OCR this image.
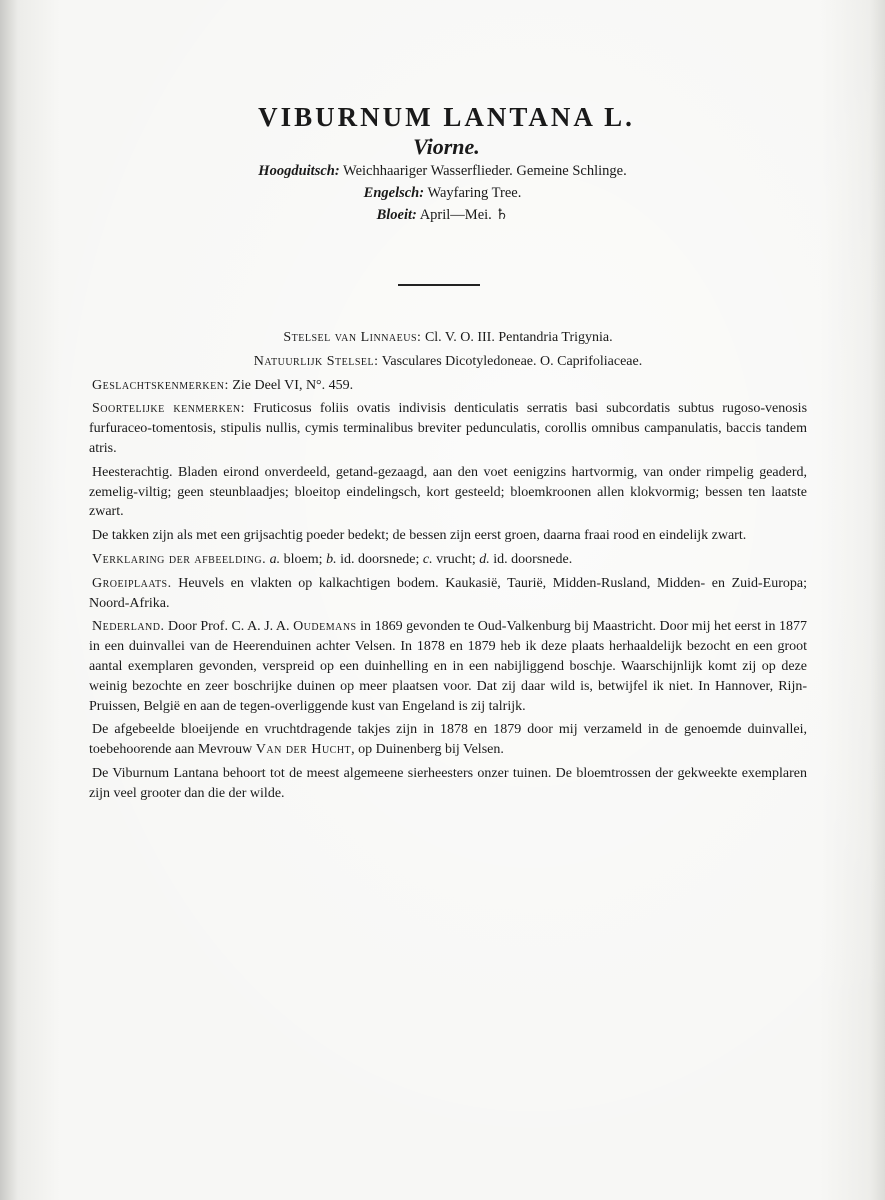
VIBURNUM LANTANA L.

Viorne.

Hoogduitsch: Weichhaariger Wasserflieder. Gemeine Schlinge.

Engelsch: Wayfaring Tree.

Bloeit: April—Mei. ♄

Stelsel van Linnaeus: Cl. V. O. III. Pentandria Trigynia.

Natuurlijk Stelsel: Vasculares Dicotyledoneae. O. Caprifoliaceae.

Geslachtskenmerken: Zie Deel VI, N°. 459.

Soortelijke kenmerken: Fruticosus foliis ovatis indivisis denticulatis serratis basi subcordatis subtus rugoso-venosis furfuraceo-tomentosis, stipulis nullis, cymis terminalibus breviter pedunculatis, corollis omnibus campanulatis, baccis tandem atris.

Heesterachtig. Bladen eirond onverdeeld, getand-gezaagd, aan den voet eenigzins hartvormig, van onder rimpelig geaderd, zemelig-viltig; geen steunblaadjes; bloeitop eindelingsch, kort gesteeld; bloemkroonen allen klokvormig; bessen ten laatste zwart.

De takken zijn als met een grijsachtig poeder bedekt; de bessen zijn eerst groen, daarna fraai rood en eindelijk zwart.

Verklaring der afbeelding. a. bloem; b. id. doorsnede; c. vrucht; d. id. doorsnede.

Groeiplaats. Heuvels en vlakten op kalkachtigen bodem. Kaukasië, Taurië, Midden-Rusland, Midden- en Zuid-Europa; Noord-Afrika.

Nederland. Door Prof. C. A. J. A. Oudemans in 1869 gevonden te Oud-Valkenburg bij Maastricht. Door mij het eerst in 1877 in een duinvallei van de Heerenduinen achter Velsen. In 1878 en 1879 heb ik deze plaats herhaaldelijk bezocht en een groot aantal exemplaren gevonden, verspreid op een duinhelling en in een nabijliggend boschje. Waarschijnlijk komt zij op deze weinig bezochte en zeer boschrijke duinen op meer plaatsen voor. Dat zij daar wild is, betwijfel ik niet. In Hannover, Rijn-Pruissen, België en aan de tegen-overliggende kust van Engeland is zij talrijk.

De afgebeelde bloeijende en vruchtdragende takjes zijn in 1878 en 1879 door mij verzameld in de genoemde duinvallei, toebehoorende aan Mevrouw Van der Hucht, op Duinenberg bij Velsen.

De Viburnum Lantana behoort tot de meest algemeene sierheesters onzer tuinen. De bloemtrossen der gekweekte exemplaren zijn veel grooter dan die der wilde.
